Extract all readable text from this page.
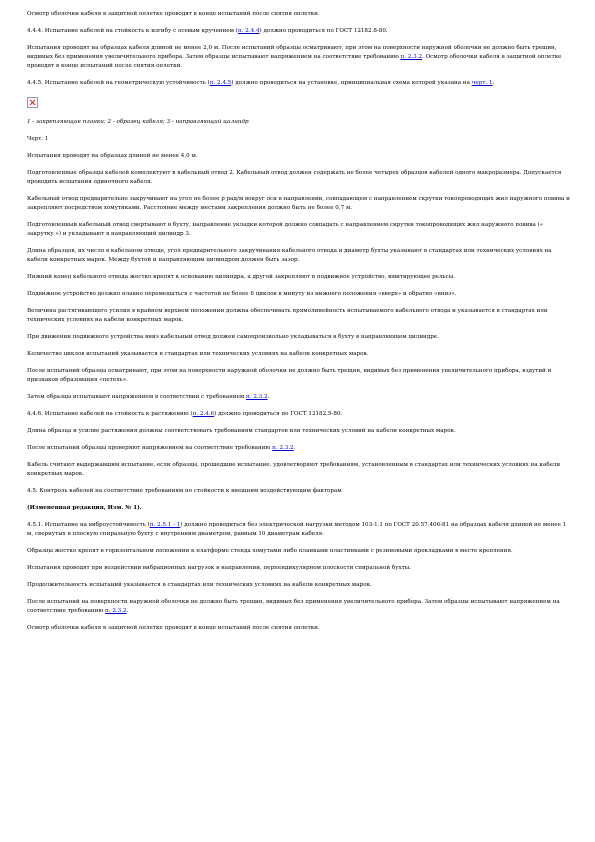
Осмотр оболочки кабеля в защитной оплетке проводят в конце испытаний после снятия оплетки.

4.4.4. Испытание кабелей на стойкость к изгибу с осевым кручением (п. 2.4.4) должно проводиться по ГОСТ 12182.8-80.

Испытания проводят на образцах кабеля длиной не менее 2,0 м. После испытаний образцы осматривают, при этом на поверхности наружной оболочки не должно быть трещин, видимых без применения увеличительного прибора. Затем образцы испытывают напряжением на соответствие требованию п. 2.3.2. Осмотр оболочки кабеля в защитной оплетке проводят в конце испытаний после снятия оплетки.

4.4.5. Испытание кабелей на геометрическую устойчивость (п. 2.4.5) должно проводиться на установке, принципиальная схема которой указана на черт. 1.

1 - закрепляющие планки; 2 - образец кабеля; 3 - направляющий цилиндр

Черт. 1

Испытания проводят на образцах длиной не менее 4,0 м.

Подготовленные образцы кабелей комплектуют в кабельный отвод 2. Кабельный отвод должен содержать не более четырех образцов кабелей одного макроразмера. Допускается проводить испытания одиночного кабеля.

Кабельный отвод предварительно закручивают на угол не более p рад/м вокруг оси в направлении, совпадающем с направлением скрутки токопроводящих жил наружного повива и закрепляют посредством хомутиками. Расстояние между местами закрепления должно быть не более 0,7 м.

Подготовленный кабельный отвод свертывают в бухту, направление укладки которой должно совпадать с направлением скрутки токопроводящих жил наружного повива (« закрутку ») и укладывают в направляющий цилиндр 3.

Длина образцов, их число в кабельном отводе, угол предварительного закручивания кабельного отвода и диаметр бухты указывают в стандартах или технических условиях на кабели конкретных марок. Между бухтой и направляющим цилиндром должен быть зазор.

Нижний конец кабельного отвода жестко крепят к основанию цилиндра, а другой закрепляют в подвижное устройство, имитирующее рельсы.

Подвижное устройство должно плавно перемещаться с частотой не более 6 циклов в минуту из нижнего положения «вверх» и обратно «вниз».

Величина растягивающего усилия в крайнем верхнем положении должна обеспечивать прямолинейность испытываемого кабельного отвода и указывается в стандартах или технических условиях на кабели конкретных марок.

При движении подвижного устройства вниз кабельный отвод должен самопроизвольно укладываться в бухту в направляющем цилиндре.

Количество циклов испытаний указывается в стандартах или технических условиях на кабели конкретных марок.

После испытаний образцы осматривают, при этом на поверхности наружной оболочки не должно быть трещин, видимых без применения увеличительного прибора, вздутий и признаков образования «петель».

Затем образцы испытывают напряжением в соответствии с требованием п. 2.3.2.

4.4.6. Испытание кабелей на стойкость к растяжению (п. 2.4.6) должно проводиться по ГОСТ 12182.5-80.

Длина образца и усилие растяжения должны соответствовать требованиям стандартов или технических условий на кабели конкретных марок.

После испытаний образцы проверяют напряжением на соответствие требованию п. 2.3.2.

Кабель считают выдержавшим испытание, если образцы, прошедшие испытание, удовлетворяют требованиям, установленным в стандартах или технических условиях на кабели конкретных марок.

4.5. Контроль кабелей на соответствие требованиям по стойкости к внешним воздействующим факторам

(Измененная редакция, Изм. № 1).

4.5.1. Испытание на виброустойчивость (п. 2.5.1 - 1) должно проводиться без электрической нагрузки методом 103-1.1 по ГОСТ 20.57.406-81 на образцах кабеля длиной не менее 1 м, свернутых в плоскую спиральную бухту с внутренним диаметром, равным 10 диаметрам кабеля.

Образцы жестко крепят в горизонтальном положении к платформе стенда хомутами либо планками пластинками с резиновыми прокладками в месте крепления.

Испытания проводят при воздействии вибрационных нагрузок в направлении, перпендикулярном плоскости спиральной бухты.

Продолжительность испытаний указывается в стандартах или технических условиях на кабели конкретных марок.

После испытаний на поверхности наружной оболочки не должно быть трещин, видимых без применения увеличительного прибора. Затем образцы испытывают напряжением на соответствие требованию п. 2.3.2.

Осмотр оболочки кабеля в защитной оплетке проводят в конце испытаний после снятия оплетки.
